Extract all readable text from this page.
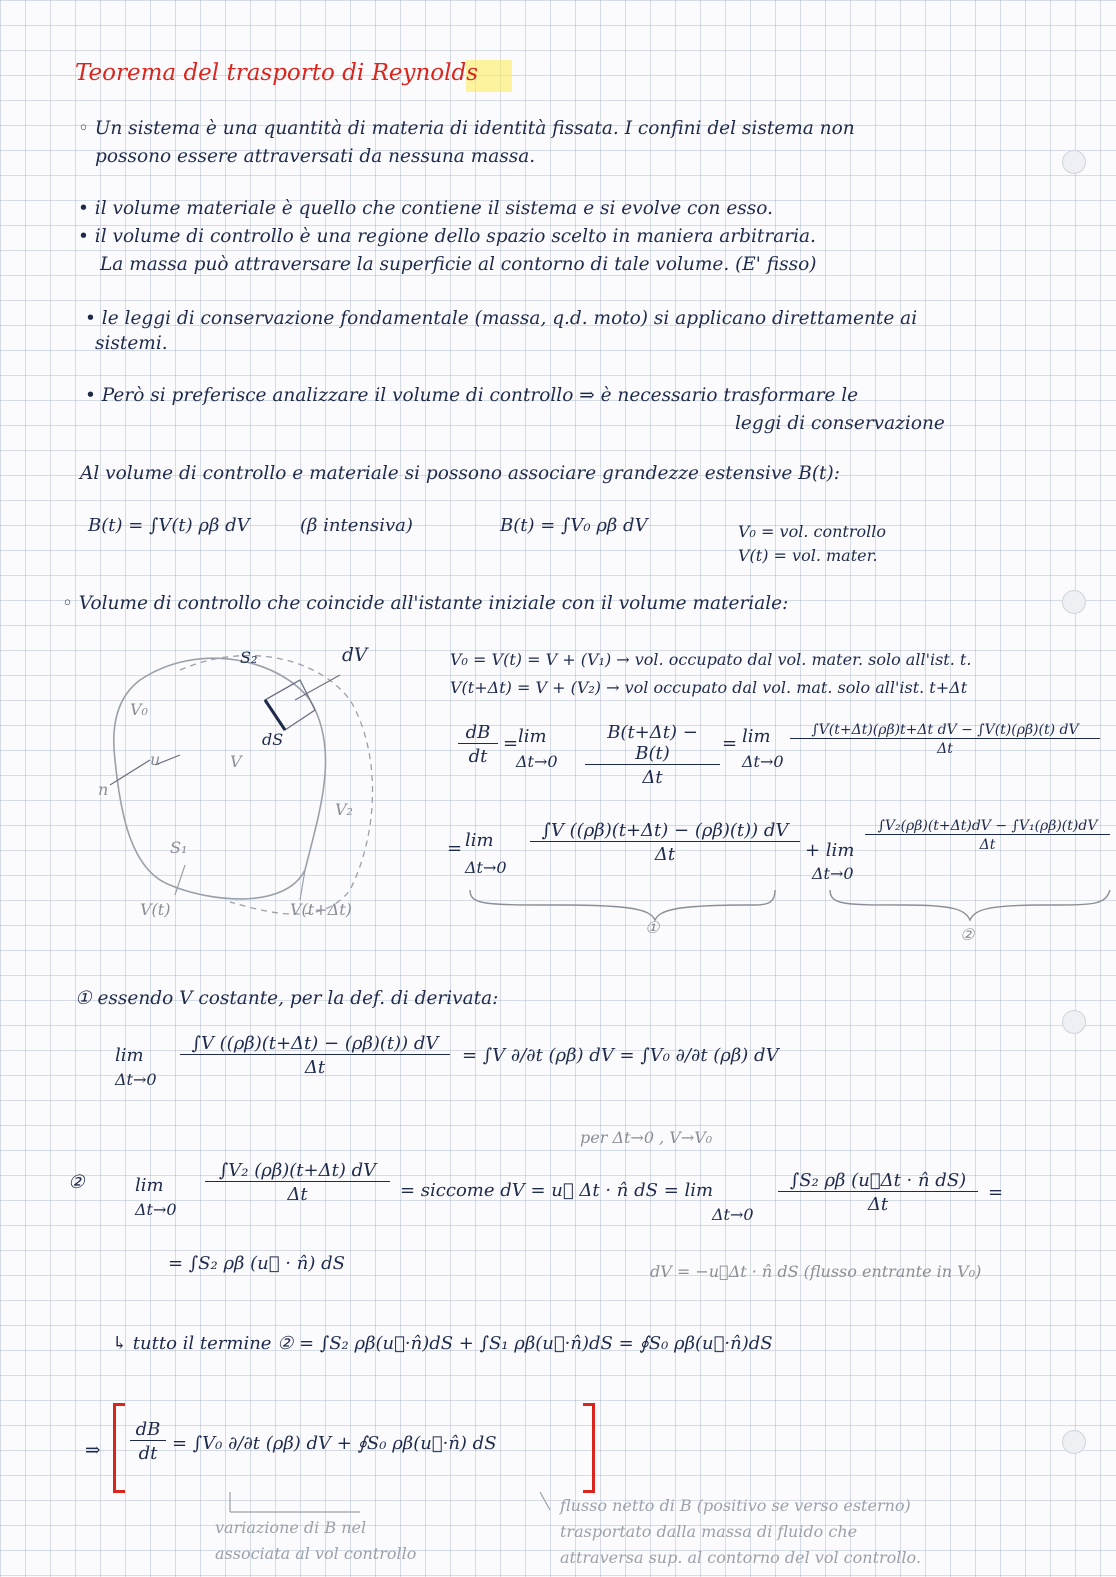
Teorema del trasporto di Reynolds
◦ Un sistema è una quantità di materia di identità fissata. I confini del sistema non
possono essere attraversati da nessuna massa.
• il volume materiale è quello che contiene il sistema e si evolve con esso.
• il volume di controllo è una regione dello spazio scelto in maniera arbitraria.
La massa può attraversare la superficie al contorno di tale volume. (E' fisso)
• le leggi di conservazione fondamentale (massa, q.d. moto) si applicano direttamente ai
sistemi.
• Però si preferisce analizzare il volume di controllo ⇒ è necessario trasformare le
leggi di conservazione
Al volume di controllo e materiale si possono associare grandezze estensive B(t):
B(t) = ∫V(t) ρβ dV	(β intensiva)	B(t) = ∫V₀ ρβ dV	V₀ = vol. controllo
V(t) = vol. mater.
◦ Volume di controllo che coincide all'istante iniziale con il volume materiale:
S₂	dV
V₀
dS
u	V
n
V₂
S₁
V(t)	V(t+Δt)
V₀ = V(t) = V + (V₁) → vol. occupato dal vol. mater. solo all'ist. t.
V(t+Δt) = V + (V₂) → vol occupato dal vol. mat. solo all'ist. t+Δt
$\frac{dB}{dt} = \lim$
$\Delta t\to 0 \frac{B(t+\Delta t) - B(t)}{\Delta t} = \lim$
Δt→0
$\frac{\text{∫V(t+Δt)(ρβ)t+Δt dV − ∫V(t)(ρβ)(t) dV}}{\Delta t}$
= lim
Δt→0
$\frac{\int V ((\rho\beta)(t+\Delta t) - (\rho\beta)(t)) dV}{\Delta t} + \lim$
Δt→0
$\frac{\text{∫V₂(ρβ)(t+Δt)dV − ∫V₁(ρβ)(t)dV}}{\Delta t}$
①	②
① essendo V costante, per la def. di derivata:
lim
Δt→0
$\frac{\int V ((\rho\beta)(t+\Delta t) - (\rho\beta)(t)) dV}{\Delta t} = \int V$ ∂/∂t (ρβ) dV = ∫V₀ ∂/∂t (ρβ) dV
per Δt→0 , V→V₀
②	lim
Δt→0
$\frac{\text{∫V₂ (ρβ)(t+Δt) dV}}{\Delta t}$ = siccome dV = u⃗ Δt · n̂ dS = lim
$\Delta t\to 0 \frac{\text{∫S₂ ρβ (u⃗Δt · n̂ dS)}}{\Delta t}$ =
= ∫S₂ ρβ (u⃗ · n̂) dS	dV = −u⃗Δt · n̂ dS (flusso entrante in V₀)
↳ tutto il termine ② = ∫S₂ ρβ(u⃗·n̂)dS + ∫S₁ ρβ(u⃗·n̂)dS = ∮S₀ ρβ(u⃗·n̂)dS
⇒ $\frac{dB}{dt} = \int V_0$ ∂/∂t (ρβ) dV + ∮S₀ ρβ(u⃗·n̂) dS
variazione di B nel
associata al vol controllo
flusso netto di B (positivo se verso esterno)
trasportato dalla massa di fluido che
attraversa sup. al contorno del vol controllo.
